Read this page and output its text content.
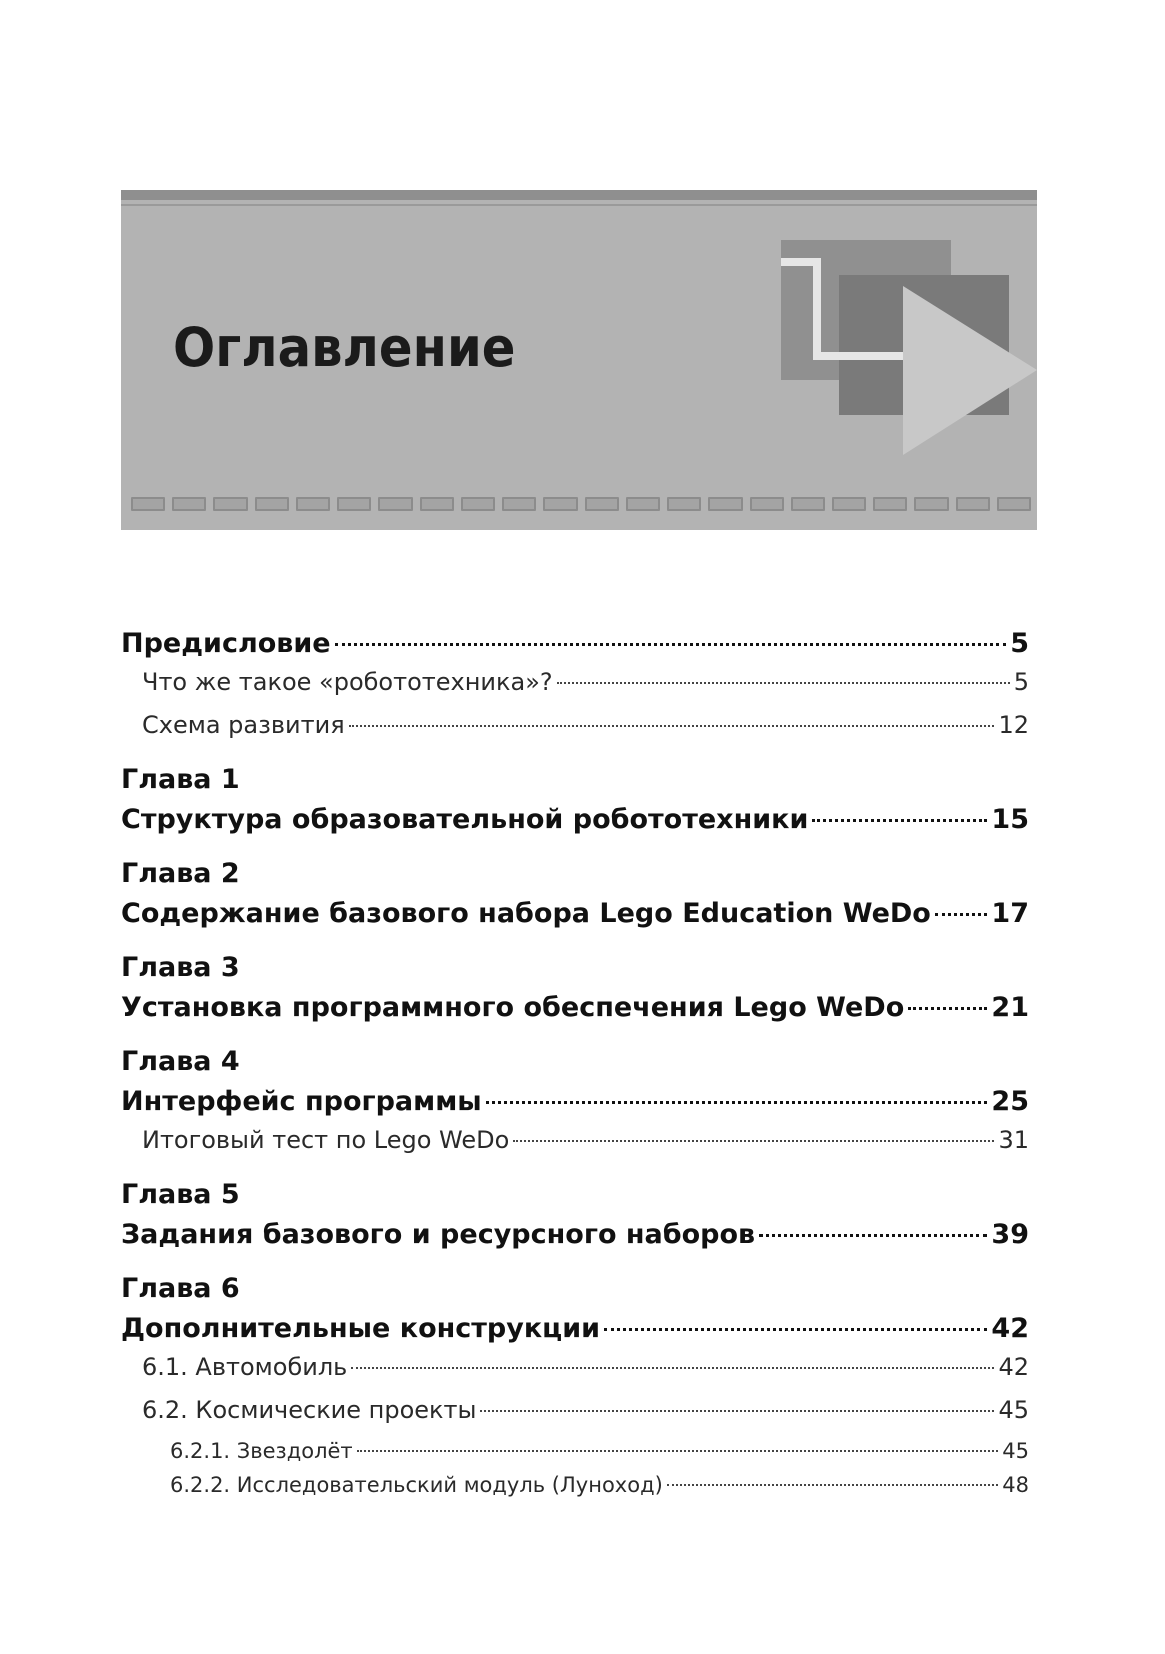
Оглавление
Предисловие	5
Что же такое «робототехника»?	5
Схема развития	12
Глава 1
Структура образовательной робототехники	15
Глава 2
Содержание базового набора Lego Education WeDo 17
Глава 3
Установка программного обеспечения Lego WeDo	21
Глава 4
Интерфейс программы	25
Итоговый тест по Lego WeDo	31
Глава 5
Задания базового и ресурсного наборов	39
Глава 6
Дополнительные конструкции	42
6.1. Автомобиль	42
6.2. Космические проекты	45
6.2.1. Звездолёт	45
6.2.2. Исследовательский модуль (Луноход)	48
